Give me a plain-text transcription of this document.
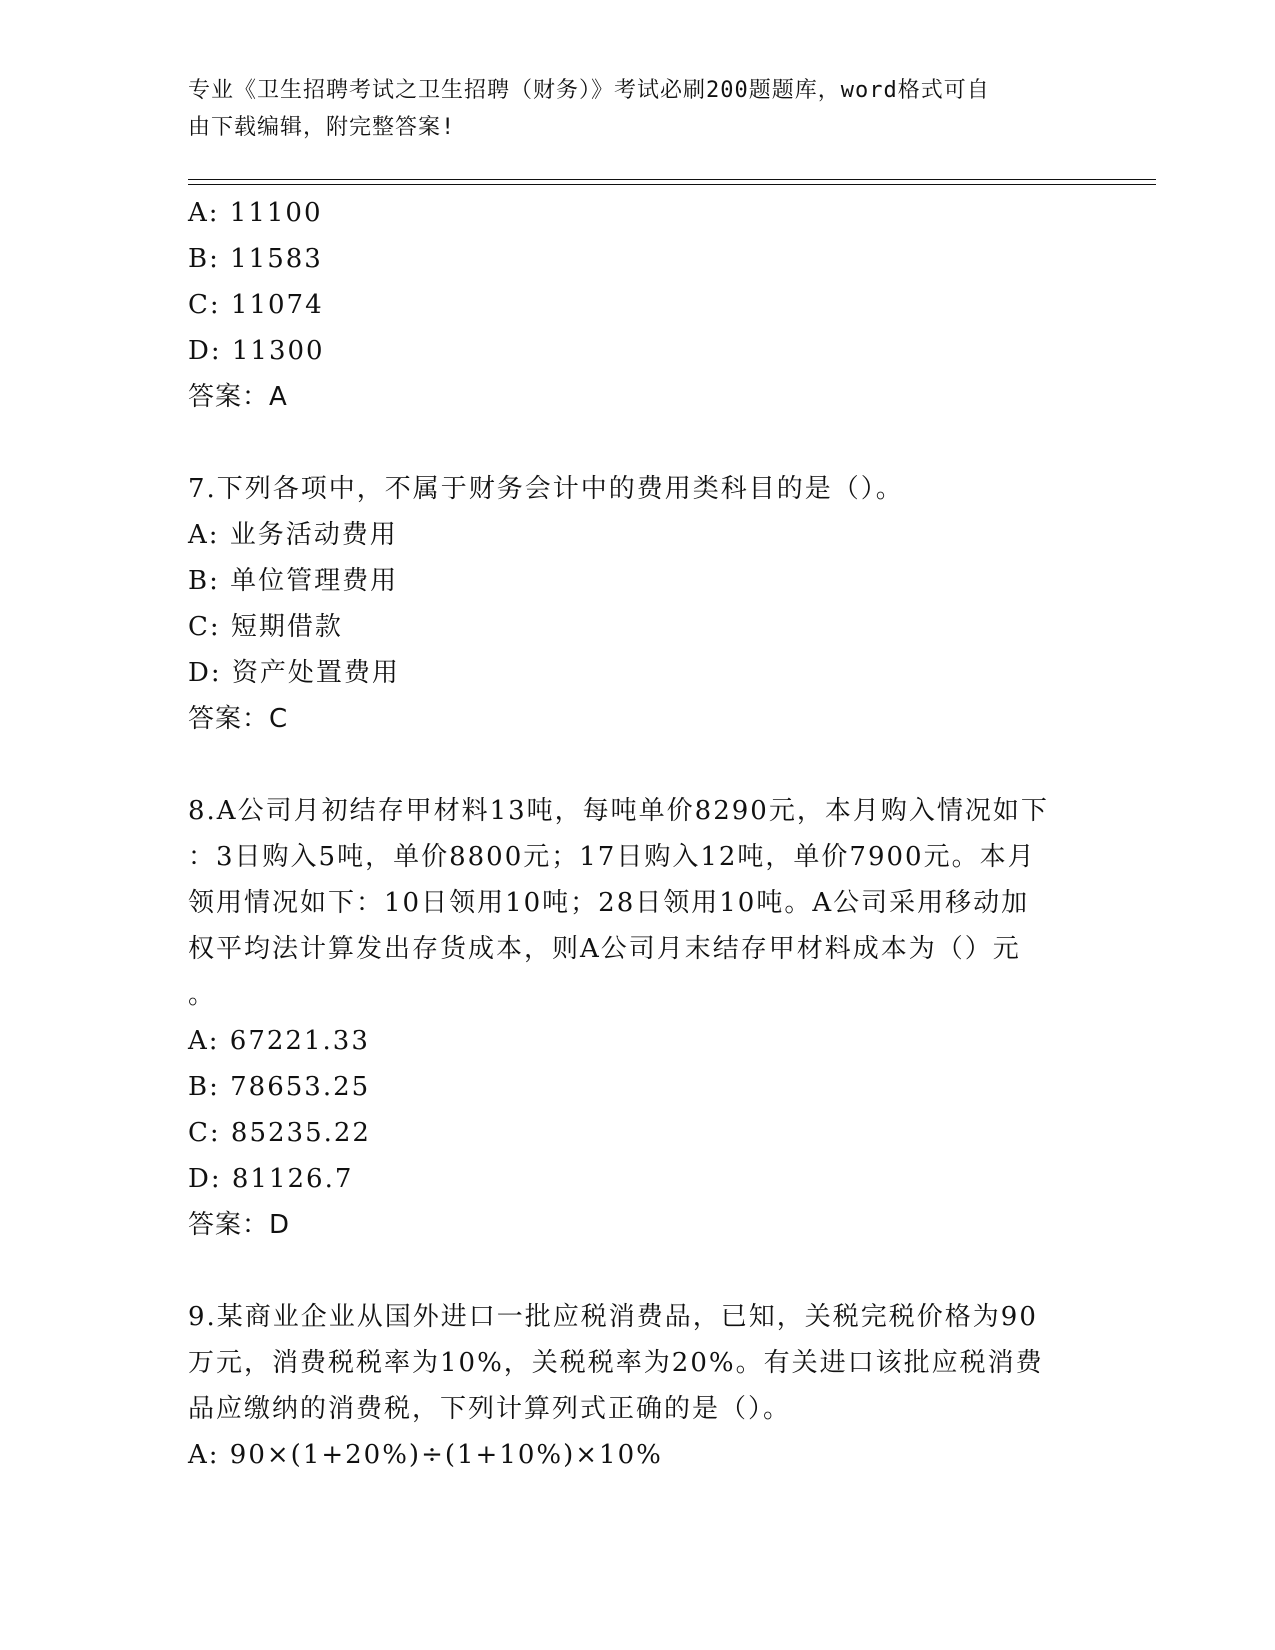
专业《卫生招聘考试之卫生招聘（财务）》考试必刷200题题库，word格式可自
由下载编辑，附完整答案!
A: 11100
B: 11583
C: 11074
D: 11300
答案：A
7.下列各项中，不属于财务会计中的费用类科目的是（）。
A: 业务活动费用
B: 单位管理费用
C: 短期借款
D: 资产处置费用
答案：C
8.A公司月初结存甲材料13吨，每吨单价8290元，本月购入情况如下
：3日购入5吨，单价8800元；17日购入12吨，单价7900元。本月
领用情况如下：10日领用10吨；28日领用10吨。A公司采用移动加
权平均法计算发出存货成本，则A公司月末结存甲材料成本为（）元
。
A: 67221.33
B: 78653.25
C: 85235.22
D: 81126.7
答案：D
9.某商业企业从国外进口一批应税消费品，已知，关税完税价格为90
万元，消费税税率为10%，关税税率为20%。有关进口该批应税消费
品应缴纳的消费税，下列计算列式正确的是（）。
A: 90×(1+20%)÷(1+10%)×10%
